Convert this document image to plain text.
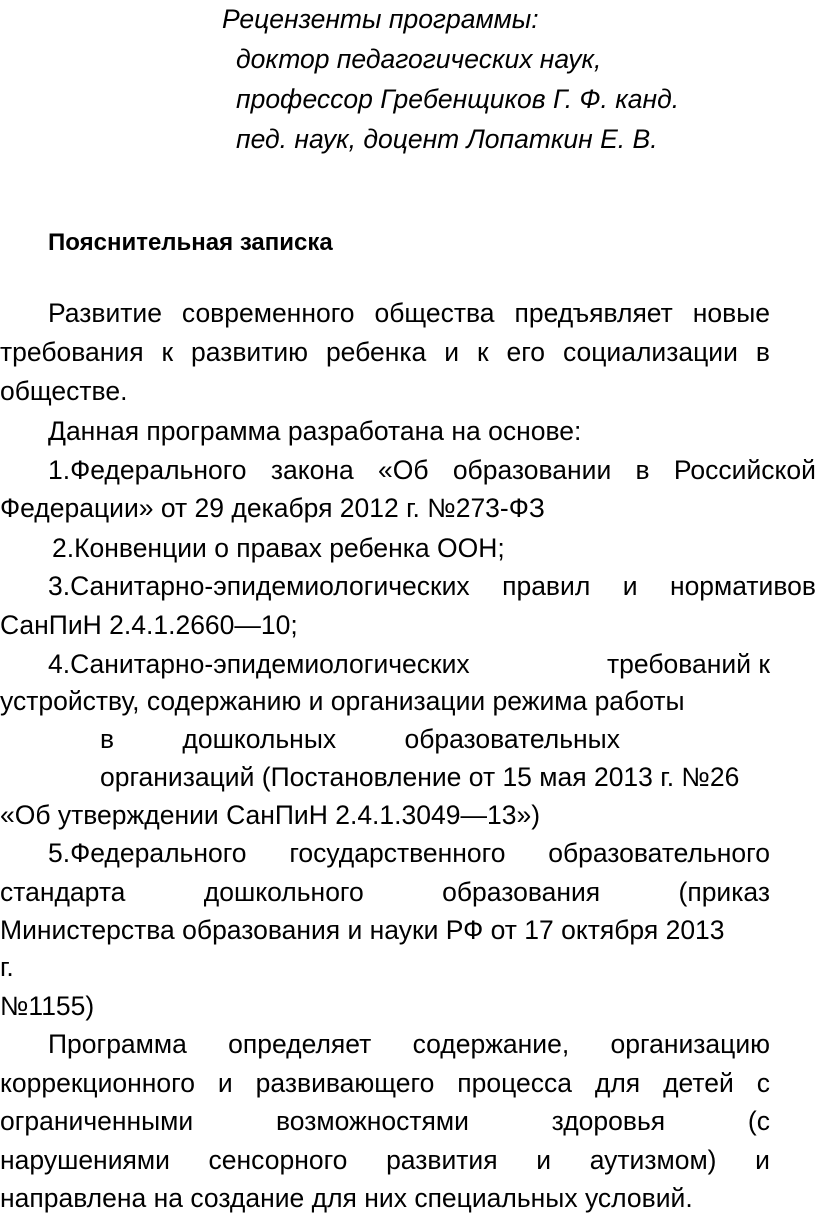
Рецензенты программы:

доктор педагогических наук,

профессор Гребенщиков Г. Ф. канд.

пед. наук, доцент Лопаткин Е. В.

Пояснительная записка

Развитие современного общества предъявляет новые
требования к развитию ребенка и к его социализации в

обществе.

Данная программа разработана на основе:

1.Федерального закона «Об образовании в Российской

Федерации» от 29 декабря 2012 г. №273-ФЗ

2.Конвенции о правах ребенка ООН;

3.Санитарно-эпидемиологических правил и нормативов

СанПиН 2.4.1.2660—10;

4.Санитарно-эпидемиологических	требований к

устройству, содержанию и организации режима работы

в	дошкольных	образовательных

организаций (Постановление от 15 мая 2013 г. №26

«Об утверждении СанПиН 2.4.1.3049—13»)

5.Федерального государственного образовательного
стандарта	дошкольного	образования	(приказ

Министерства образования и науки РФ от 17 октября 2013

г.

№1155)

Программа определяет содержание, организацию
коррекционного и развивающего процесса для детей с
ограниченными	возможностями	здоровья	(с
нарушениями сенсорного развития и аутизмом) и

направлена на создание для них специальных условий.
